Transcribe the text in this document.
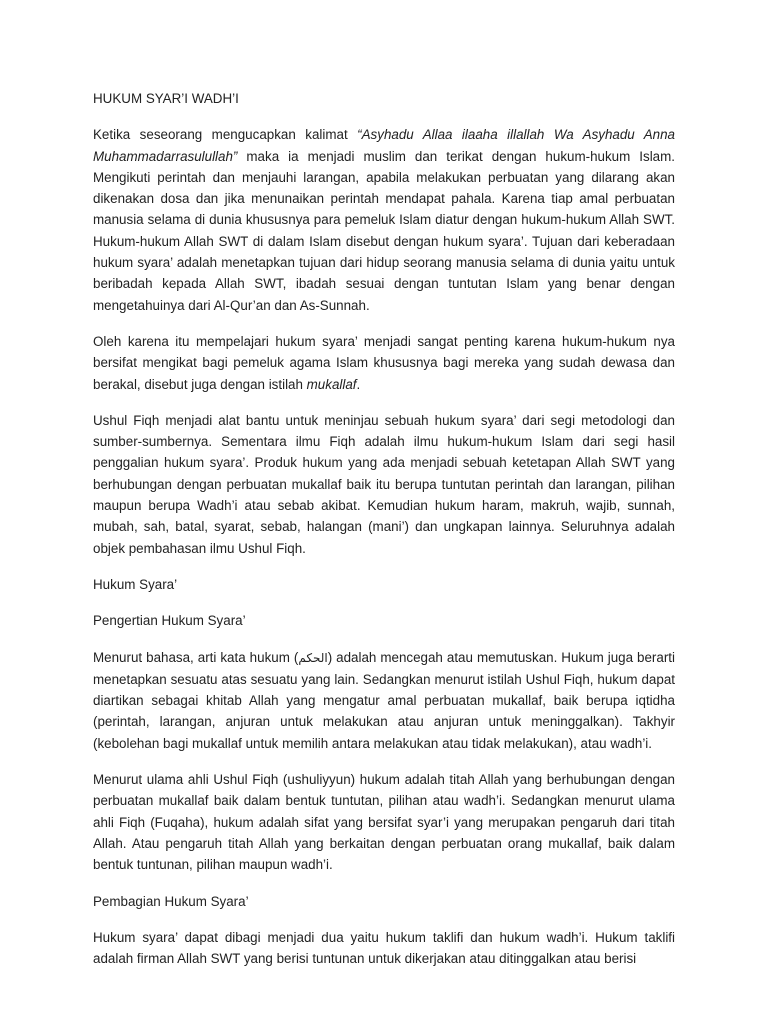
HUKUM SYAR’I WADH’I

Ketika seseorang mengucapkan kalimat “Asyhadu Allaa ilaaha illallah Wa Asyhadu Anna Muhammadarrasulullah” maka ia menjadi muslim dan terikat dengan hukum-hukum Islam. Mengikuti perintah dan menjauhi larangan, apabila melakukan perbuatan yang dilarang akan dikenakan dosa dan jika menunaikan perintah mendapat pahala. Karena tiap amal perbuatan manusia selama di dunia khususnya para pemeluk Islam diatur dengan hukum-hukum Allah SWT. Hukum-hukum Allah SWT di dalam Islam disebut dengan hukum syara’. Tujuan dari keberadaan hukum syara’ adalah menetapkan tujuan dari hidup seorang manusia selama di dunia yaitu untuk beribadah kepada Allah SWT, ibadah sesuai dengan tuntutan Islam yang benar dengan mengetahuinya dari Al-Qur’an dan As-Sunnah.

Oleh karena itu mempelajari hukum syara’ menjadi sangat penting karena hukum-hukum nya bersifat mengikat bagi pemeluk agama Islam khususnya bagi mereka yang sudah dewasa dan berakal, disebut juga dengan istilah mukallaf.

Ushul Fiqh menjadi alat bantu untuk meninjau sebuah hukum syara’ dari segi metodologi dan sumber-sumbernya. Sementara ilmu Fiqh adalah ilmu hukum-hukum Islam dari segi hasil penggalian hukum syara’. Produk hukum yang ada menjadi sebuah ketetapan Allah SWT yang berhubungan dengan perbuatan mukallaf baik itu berupa tuntutan perintah dan larangan, pilihan maupun berupa Wadh’i atau sebab akibat. Kemudian hukum haram, makruh, wajib, sunnah, mubah, sah, batal, syarat, sebab, halangan (mani’) dan ungkapan lainnya. Seluruhnya adalah objek pembahasan ilmu Ushul Fiqh.

Hukum Syara’

Pengertian Hukum Syara’

Menurut bahasa, arti kata hukum (الحكم) adalah mencegah atau memutuskan. Hukum juga berarti menetapkan sesuatu atas sesuatu yang lain. Sedangkan menurut istilah Ushul Fiqh, hukum dapat diartikan sebagai khitab Allah yang mengatur amal perbuatan mukallaf, baik berupa iqtidha (perintah, larangan, anjuran untuk melakukan atau anjuran untuk meninggalkan). Takhyir (kebolehan bagi mukallaf untuk memilih antara melakukan atau tidak melakukan), atau wadh’i.

Menurut ulama ahli Ushul Fiqh (ushuliyyun) hukum adalah titah Allah yang berhubungan dengan perbuatan mukallaf baik dalam bentuk tuntutan, pilihan atau wadh’i. Sedangkan menurut ulama ahli Fiqh (Fuqaha), hukum adalah sifat yang bersifat syar’i yang merupakan pengaruh dari titah Allah. Atau pengaruh titah Allah yang berkaitan dengan perbuatan orang mukallaf, baik dalam bentuk tuntunan, pilihan maupun wadh’i.

Pembagian Hukum Syara’

Hukum syara’ dapat dibagi menjadi dua yaitu hukum taklifi dan hukum wadh’i. Hukum taklifi adalah firman Allah SWT yang berisi tuntunan untuk dikerjakan atau ditinggalkan atau berisi
